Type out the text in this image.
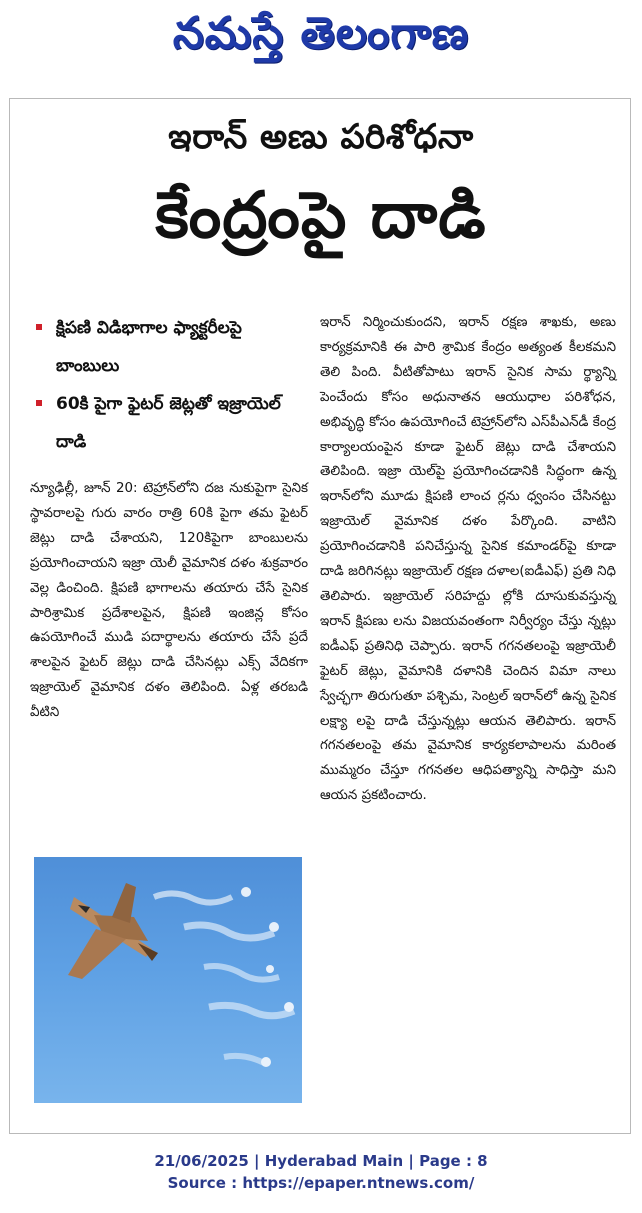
నమస్తే తెలంగాణ
ఇరాన్ అణు పరిశోధనా
కేంద్రంపై దాడి
క్షిపణి విడిభాగాల ఫ్యాక్టరీలపై బాంబులు
60కి పైగా ఫైటర్ జెట్లతో ఇజ్రాయెల్ దాడి

న్యూఢిల్లీ, జూన్ 20: టెహ్రాన్‌లోని దజ నుకుపైగా సైనిక స్థావరాలపై గురు వారం రాత్రి 60కి పైగా తమ ఫైటర్ జెట్లు దాడి చేశాయని, 120కిపైగా బాంబులను ప్రయోగించాయని ఇజ్రా యెలీ వైమానిక దళం శుక్రవారం వెల్ల డించింది. క్షిపణి భాగాలను తయారు చేసే సైనిక పారిశ్రామిక ప్రదేశాలపైన, క్షిపణి ఇంజిన్ల కోసం ఉపయోగించే ముడి పదార్థాలను తయారు చేసే ప్రదే శాలపైన ఫైటర్ జెట్లు దాడి చేసినట్లు ఎక్స్ వేదికగా ఇజ్రాయెల్ వైమానిక దళం తెలిపింది. ఏళ్ల తరబడి వీటిని

ఇరాన్ నిర్మించుకుందని, ఇరాన్ రక్షణ శాఖకు, అణు కార్యక్రమానికి ఈ పారి శ్రామిక కేంద్రం అత్యంత కీలకమని తెలి పింది. వీటితోపాటు ఇరాన్ సైనిక సామ ర్థ్యాన్ని పెంచేందు కోసం అధునాతన ఆయుధాల పరిశోధన, అభివృద్ధి కోసం ఉపయోగించే టెహ్రాన్‌లోని ఎస్‌పీఎన్‌డీ కేంద్ర కార్యాలయంపైన కూడా ఫైటర్ జెట్లు దాడి చేశాయని తెలిపింది. ఇజ్రా యెల్‌పై ప్రయోగించడానికి సిద్ధంగా ఉన్న ఇరాన్‌లోని మూడు క్షిపణి లాంచ ర్లను ధ్వంసం చేసినట్టు ఇజ్రాయెల్ వైమానిక దళం పేర్కొంది. వాటిని ప్రయోగించడానికి పనిచేస్తున్న సైనిక కమాండర్‌పై కూడా దాడి జరిగినట్లు ఇజ్రాయెల్ రక్షణ దళాల(ఐడీఎఫ్) ప్రతి నిధి తెలిపారు. ఇజ్రాయెల్ సరిహద్దు ల్లోకి దూసుకువస్తున్న ఇరాన్ క్షిపణు లను విజయవంతంగా నిర్వీర్యం చేస్తు న్నట్లు ఐడీఎఫ్ ప్రతినిధి చెప్పారు. ఇరాన్ గగనతలంపై ఇజ్రాయెలీ ఫైటర్ జెట్లు, వైమానికి దళానికి చెందిన విమా నాలు స్వేచ్ఛగా తిరుగుతూ పశ్చిమ, సెంట్రల్ ఇరాన్‌లో ఉన్న సైనిక లక్ష్యా లపై దాడి చేస్తున్నట్లు ఆయన తెలిపారు. ఇరాన్ గగనతలంపై తమ వైమానిక కార్యకలాపాలను మరింత ముమ్మరం చేస్తూ గగనతల ఆధిపత్యాన్ని సాధిస్తా మని ఆయన ప్రకటించారు.

21/06/2025 | Hyderabad Main | Page : 8
Source : https://epaper.ntnews.com/
